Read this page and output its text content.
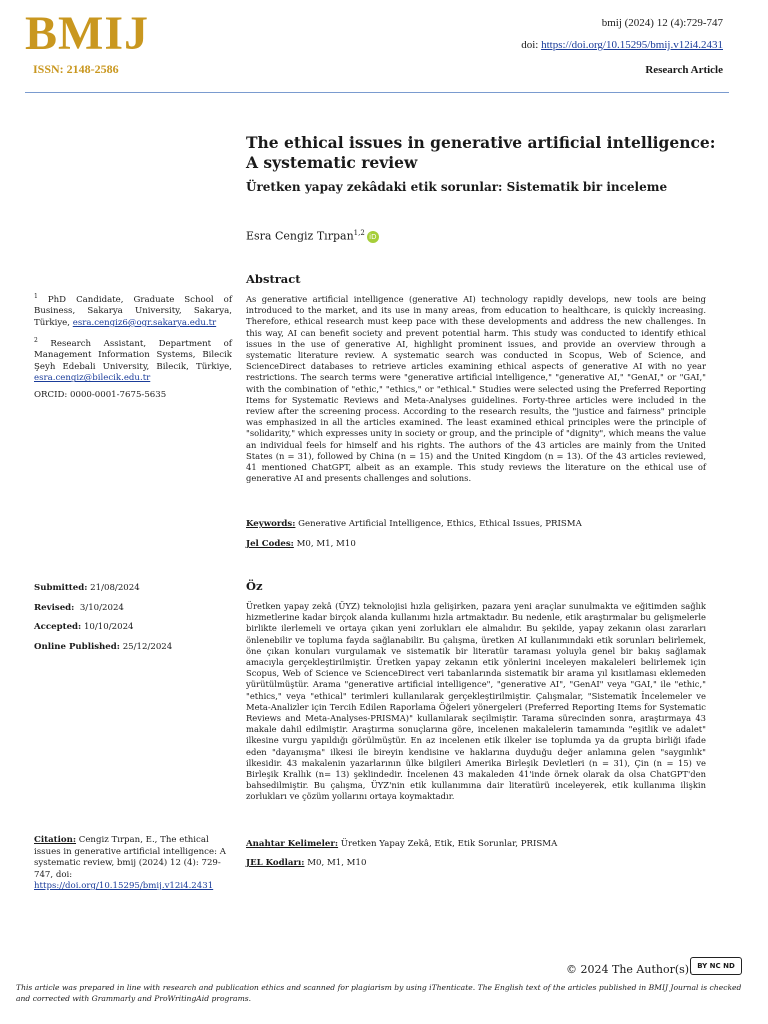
BMIJ
ISSN: 2148-2586
bmij (2024) 12 (4):729-747
doi: https://doi.org/10.15295/bmij.v12i4.2431
Research Article
The ethical issues in generative artificial intelligence: A systematic review
Üretken yapay zekâdaki etik sorunlar: Sistematik bir inceleme
Esra Cengiz Tırpan$^{1,2}$ iD
$^1$ PhD Candidate, Graduate School of Business, Sakarya University, Sakarya, Türkiye, esra.cengiz6@ogr.sakarya.edu.tr
$^2$ Research Assistant, Department of Management Information Systems, Bilecik Şeyh Edebali University, Bilecik, Türkiye, esra.cengiz@bilecik.edu.tr
ORCID: 0000-0001-7675-5635
Submitted: 21/08/2024
Revised: 3/10/2024
Accepted: 10/10/2024
Online Published: 25/12/2024
Citation: Cengiz Tırpan, E., The ethical issues in generative artificial intelligence: A systematic review, bmij (2024) 12 (4): 729-747, doi: https://doi.org/10.15295/bmij.v12i4.2431
Abstract
As generative artificial intelligence (generative AI) technology rapidly develops, new tools are being introduced to the market, and its use in many areas, from education to healthcare, is quickly increasing. Therefore, ethical research must keep pace with these developments and address the new challenges. In this way, AI can benefit society and prevent potential harm. This study was conducted to identify ethical issues in the use of generative AI, highlight prominent issues, and provide an overview through a systematic literature review. A systematic search was conducted in Scopus, Web of Science, and ScienceDirect databases to retrieve articles examining ethical aspects of generative AI with no year restrictions. The search terms were "generative artificial intelligence," "generative AI," "GenAI," or "GAI," with the combination of "ethic," "ethics," or "ethical." Studies were selected using the Preferred Reporting Items for Systematic Reviews and Meta-Analyses guidelines. Forty-three articles were included in the review after the screening process. According to the research results, the "justice and fairness" principle was emphasized in all the articles examined. The least examined ethical principles were the principle of "solidarity," which expresses unity in society or group, and the principle of "dignity", which means the value an individual feels for himself and his rights. The authors of the 43 articles are mainly from the United States (n = 31), followed by China (n = 15) and the United Kingdom (n = 13). Of the 43 articles reviewed, 41 mentioned ChatGPT, albeit as an example. This study reviews the literature on the ethical use of generative AI and presents challenges and solutions.
Keywords: Generative Artificial Intelligence, Ethics, Ethical Issues, PRISMA
Jel Codes: M0, M1, M10
Öz
Üretken yapay zekâ (ÜYZ) teknolojisi hızla gelişirken, pazara yeni araçlar sunulmakta ve eğitimden sağlık hizmetlerine kadar birçok alanda kullanımı hızla artmaktadır. Bu nedenle, etik araştırmalar bu gelişmelerle birlikte ilerlemeli ve ortaya çıkan yeni zorlukları ele almalıdır. Bu şekilde, yapay zekanın olası zararları önlenebilir ve topluma fayda sağlanabilir. Bu çalışma, üretken AI kullanımındaki etik sorunları belirlemek, öne çıkan konuları vurgulamak ve sistematik bir literatür taraması yoluyla genel bir bakış sağlamak amacıyla gerçekleştirilmiştir. Üretken yapay zekanın etik yönlerini inceleyen makaleleri belirlemek için Scopus, Web of Science ve ScienceDirect veri tabanlarında sistematik bir arama yıl kısıtlaması eklemeden yürütülmüştür. Arama "generative artificial intelligence", "generative AI", "GenAI" veya "GAI," ile "ethic," "ethics," veya "ethical" terimleri kullanılarak gerçekleştirilmiştir. Çalışmalar, "Sistematik İncelemeler ve Meta-Analizler için Tercih Edilen Raporlama Öğeleri yönergeleri (Preferred Reporting Items for Systematic Reviews and Meta-Analyses-PRISMA)" kullanılarak seçilmiştir. Tarama sürecinden sonra, araştırmaya 43 makale dahil edilmiştir. Araştırma sonuçlarına göre, incelenen makalelerin tamamında "eşitlik ve adalet" ilkesine vurgu yapıldığı görülmüştür. En az incelenen etik ilkeler ise toplumda ya da grupta birliği ifade eden "dayanışma" ilkesi ile bireyin kendisine ve haklarına duyduğu değer anlamına gelen "saygınlık" ilkesidir. 43 makalenin yazarlarının ülke bilgileri Amerika Birleşik Devletleri (n = 31), Çin (n = 15) ve Birleşik Krallık (n= 13) şeklindedir. İncelenen 43 makaleden 41'inde örnek olarak da olsa ChatGPT'den bahsedilmiştir. Bu çalışma, ÜYZ'nin etik kullanımına dair literatürü inceleyerek, etik kullanıma ilişkin zorlukları ve çözüm yollarını ortaya koymaktadır.
Anahtar Kelimeler: Üretken Yapay Zekâ, Etik, Etik Sorunlar, PRISMA
JEL Kodları: M0, M1, M10
© 2024 The Author(s). BY NC ND
This article was prepared in line with research and publication ethics and scanned for plagiarism by using iThenticate. The English text of the articles published in BMIJ Journal is checked and corrected with Grammarly and ProWritingAid programs.
